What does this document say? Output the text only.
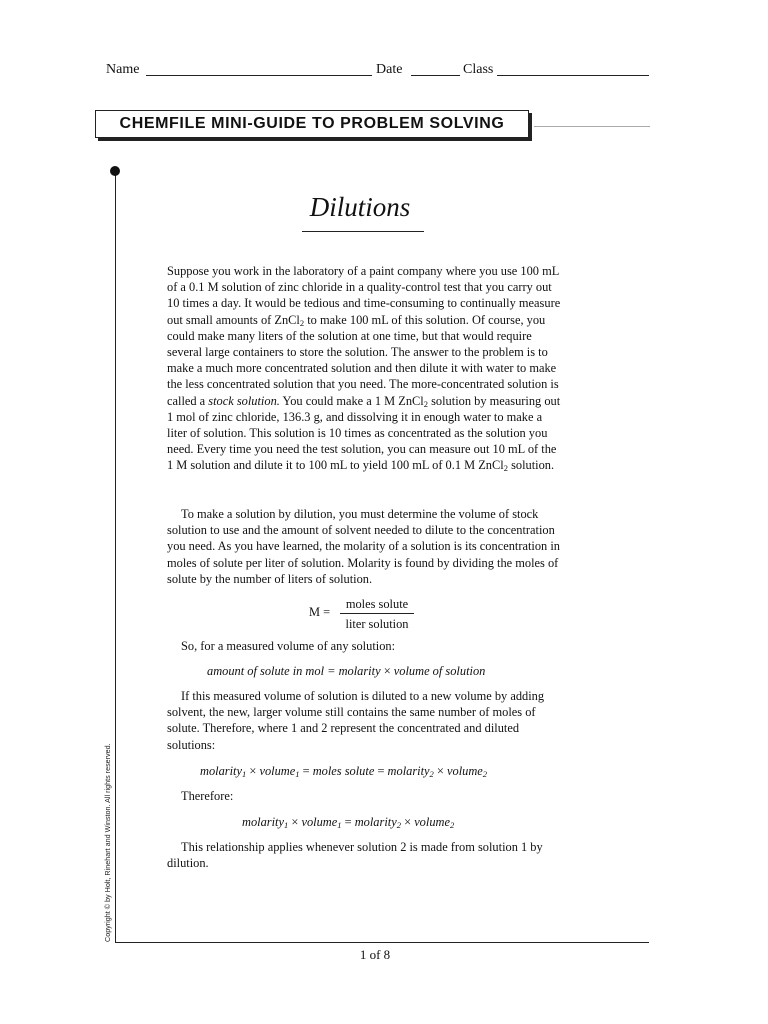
Name	Date	Class
CHEMFILE MINI-GUIDE TO PROBLEM SOLVING
Dilutions

Suppose you work in the laboratory of a paint company where you use 100 mL of a 0.1 M solution of zinc chloride in a quality-control test that you carry out 10 times a day. It would be tedious and time-consuming to continually measure out small amounts of ZnCl$_2$ to make 100 mL of this solution. Of course, you could make many liters of the solution at one time, but that would require several large containers to store the solution. The answer to the problem is to make a much more concentrated solution and then dilute it with water to make the less concentrated solution that you need. The more-concentrated solution is called a stock solution. You could make a 1 M ZnCl$_2$ solution by measuring out 1 mol of zinc chloride, 136.3 g, and dissolving it in enough water to make a liter of solution. This solution is 10 times as concentrated as the solution you need. Every time you need the test solution, you can measure out 10 mL of the 1 M solution and dilute it to 100 mL to yield 100 mL of 0.1 M ZnCl$_2$ solution.

To make a solution by dilution, you must determine the volume of stock solution to use and the amount of solvent needed to dilute to the concentration you need. As you have learned, the molarity of a solution is its concentration in moles of solute per liter of solution. Molarity is found by dividing the moles of solute by the number of liters of solution.

M =
moles solute
liter solution

So, for a measured volume of any solution:

amount of solute in mol = molarity × volume of solution

If this measured volume of solution is diluted to a new volume by adding solvent, the new, larger volume still contains the same number of moles of solute. Therefore, where 1 and 2 represent the concentrated and diluted solutions:

molarity$_1$ × volume$_1$ = moles solute = molarity$_2$ × volume$_2$

Therefore:

molarity$_1$ × volume$_1$ = molarity$_2$ × volume$_2$

This relationship applies whenever solution 2 is made from solution 1 by dilution.

Copyright © by Holt, Rinehart and Winston. All rights reserved.
1 of 8
